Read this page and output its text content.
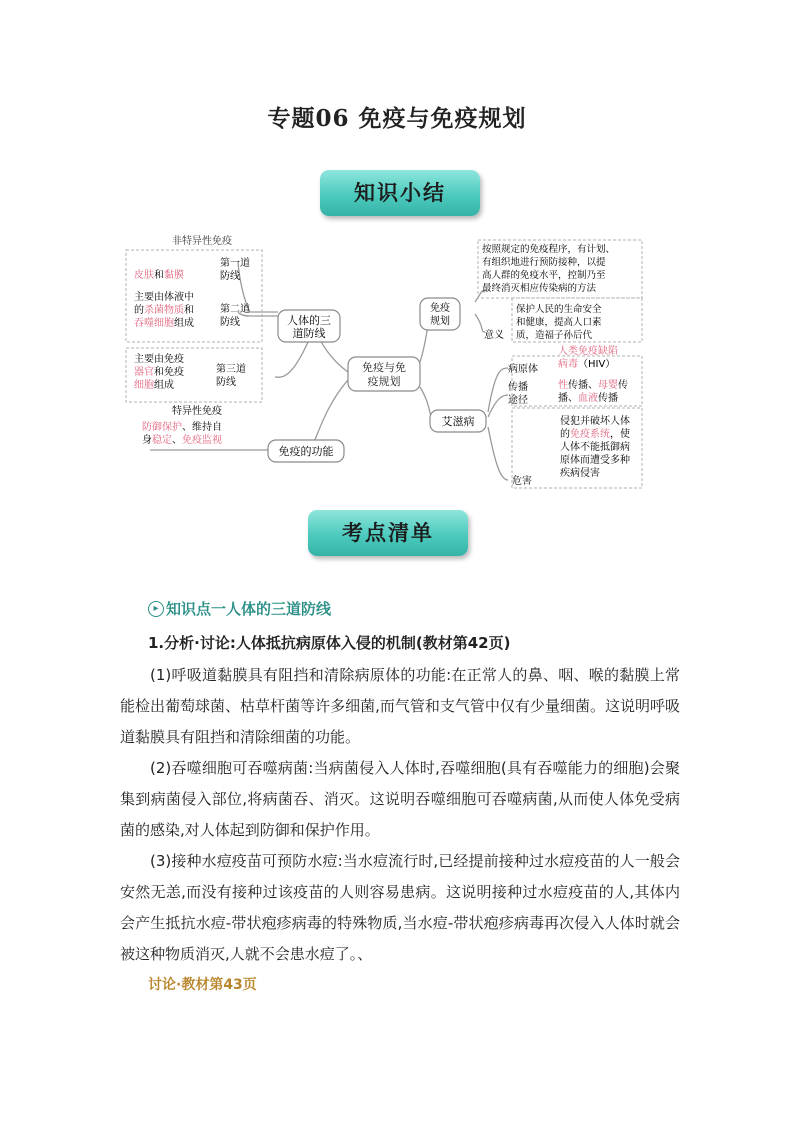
专题06 免疫与免疫规划
知识小结
免疫与免
疫规划
人体的三
道防线
非特异性免疫
皮肤和黏膜
第一道
防线
主要由体液中
的杀菌物质和
吞噬细胞组成
第二道
防线
主要由免疫
器官和免疫
细胞组成
第三道
防线
特异性免疫
防御保护、维持自
身稳定、免疫监视
免疫的功能
免疫
规划
按照规定的免疫程序，有计划、
有组织地进行预防接种，以提
高人群的免疫水平，控制乃至
最终消灭相应传染病的方法
意义
保护人民的生命安全
和健康，提高人口素
质，造福子孙后代
艾滋病
病原体
人类免疫缺陷
病毒（HIV）
传播
途径
性传播、母婴传
播、血液传播
危害
侵犯并破坏人体
的免疫系统，使
人体不能抵御病
原体而遭受多种
疾病侵害
考点清单
▸ 知识点一人体的三道防线
1.分析·讨论:人体抵抗病原体入侵的机制(教材第42页)
(1)呼吸道黏膜具有阻挡和清除病原体的功能:在正常人的鼻、咽、喉的黏膜上常能检出葡萄球菌、枯草杆菌等许多细菌,而气管和支气管中仅有少量细菌。这说明呼吸道黏膜具有阻挡和清除细菌的功能。
(2)吞噬细胞可吞噬病菌:当病菌侵入人体时,吞噬细胞(具有吞噬能力的细胞)会聚集到病菌侵入部位,将病菌吞、消灭。这说明吞噬细胞可吞噬病菌,从而使人体免受病菌的感染,对人体起到防御和保护作用。
(3)接种水痘疫苗可预防水痘:当水痘流行时,已经提前接种过水痘疫苗的人一般会安然无恙,而没有接种过该疫苗的人则容易患病。这说明接种过水痘疫苗的人,其体内会产生抵抗水痘-带状疱疹病毒的特殊物质,当水痘-带状疱疹病毒再次侵入人体时就会被这种物质消灭,人就不会患水痘了。、
讨论·教材第43页
